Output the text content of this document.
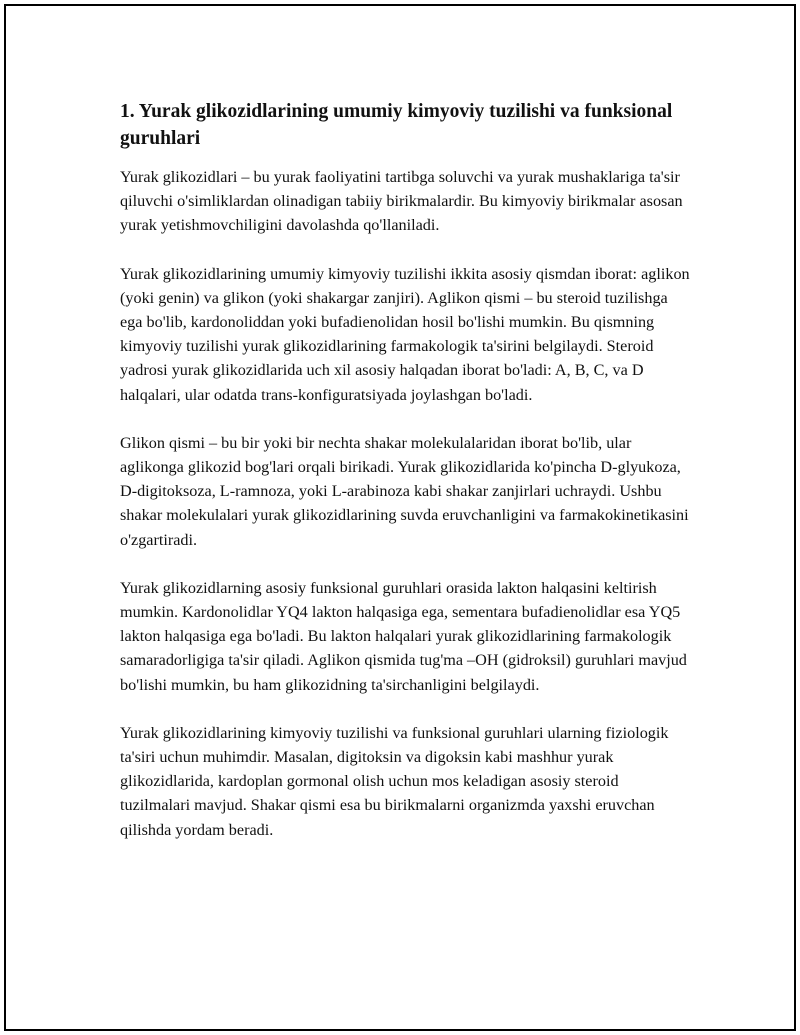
1. Yurak glikozidlarining umumiy kimyoviy tuzilishi va funksional guruhlari

Yurak glikozidlari – bu yurak faoliyatini tartibga soluvchi va yurak mushaklariga ta'sir qiluvchi o'simliklardan olinadigan tabiiy birikmalardir. Bu kimyoviy birikmalar asosan yurak yetishmovchiligini davolashda qo'llaniladi.

Yurak glikozidlarining umumiy kimyoviy tuzilishi ikkita asosiy qismdan iborat: aglikon (yoki genin) va glikon (yoki shakargar zanjiri). Aglikon qismi – bu steroid tuzilishga ega bo'lib, kardonoliddan yoki bufadienolidan hosil bo'lishi mumkin. Bu qismning kimyoviy tuzilishi yurak glikozidlarining farmakologik ta'sirini belgilaydi. Steroid yadrosi yurak glikozidlarida uch xil asosiy halqadan iborat bo'ladi: A, B, C, va D halqalari, ular odatda trans-konfiguratsiyada joylashgan bo'ladi.

Glikon qismi – bu bir yoki bir nechta shakar molekulalaridan iborat bo'lib, ular aglikonga glikozid bog'lari orqali birikadi. Yurak glikozidlarida ko'pincha D-glyukoza, D-digitoksoza, L-ramnoza, yoki L-arabinoza kabi shakar zanjirlari uchraydi. Ushbu shakar molekulalari yurak glikozidlarining suvda eruvchanligini va farmakokinetikasini o'zgartiradi.

Yurak glikozidlarning asosiy funksional guruhlari orasida lakton halqasini keltirish mumkin. Kardonolidlar YQ4 lakton halqasiga ega, sementara bufadienolidlar esa YQ5 lakton halqasiga ega bo'ladi. Bu lakton halqalari yurak glikozidlarining farmakologik samaradorligiga ta'sir qiladi. Aglikon qismida tug'ma –OH (gidroksil) guruhlari mavjud bo'lishi mumkin, bu ham glikozidning ta'sirchanligini belgilaydi.

Yurak glikozidlarining kimyoviy tuzilishi va funksional guruhlari ularning fiziologik ta'siri uchun muhimdir. Masalan, digitoksin va digoksin kabi mashhur yurak glikozidlarida, kardoplan gormonal olish uchun mos keladigan asosiy steroid tuzilmalari mavjud. Shakar qismi esa bu birikmalarni organizmda yaxshi eruvchan qilishda yordam beradi.
